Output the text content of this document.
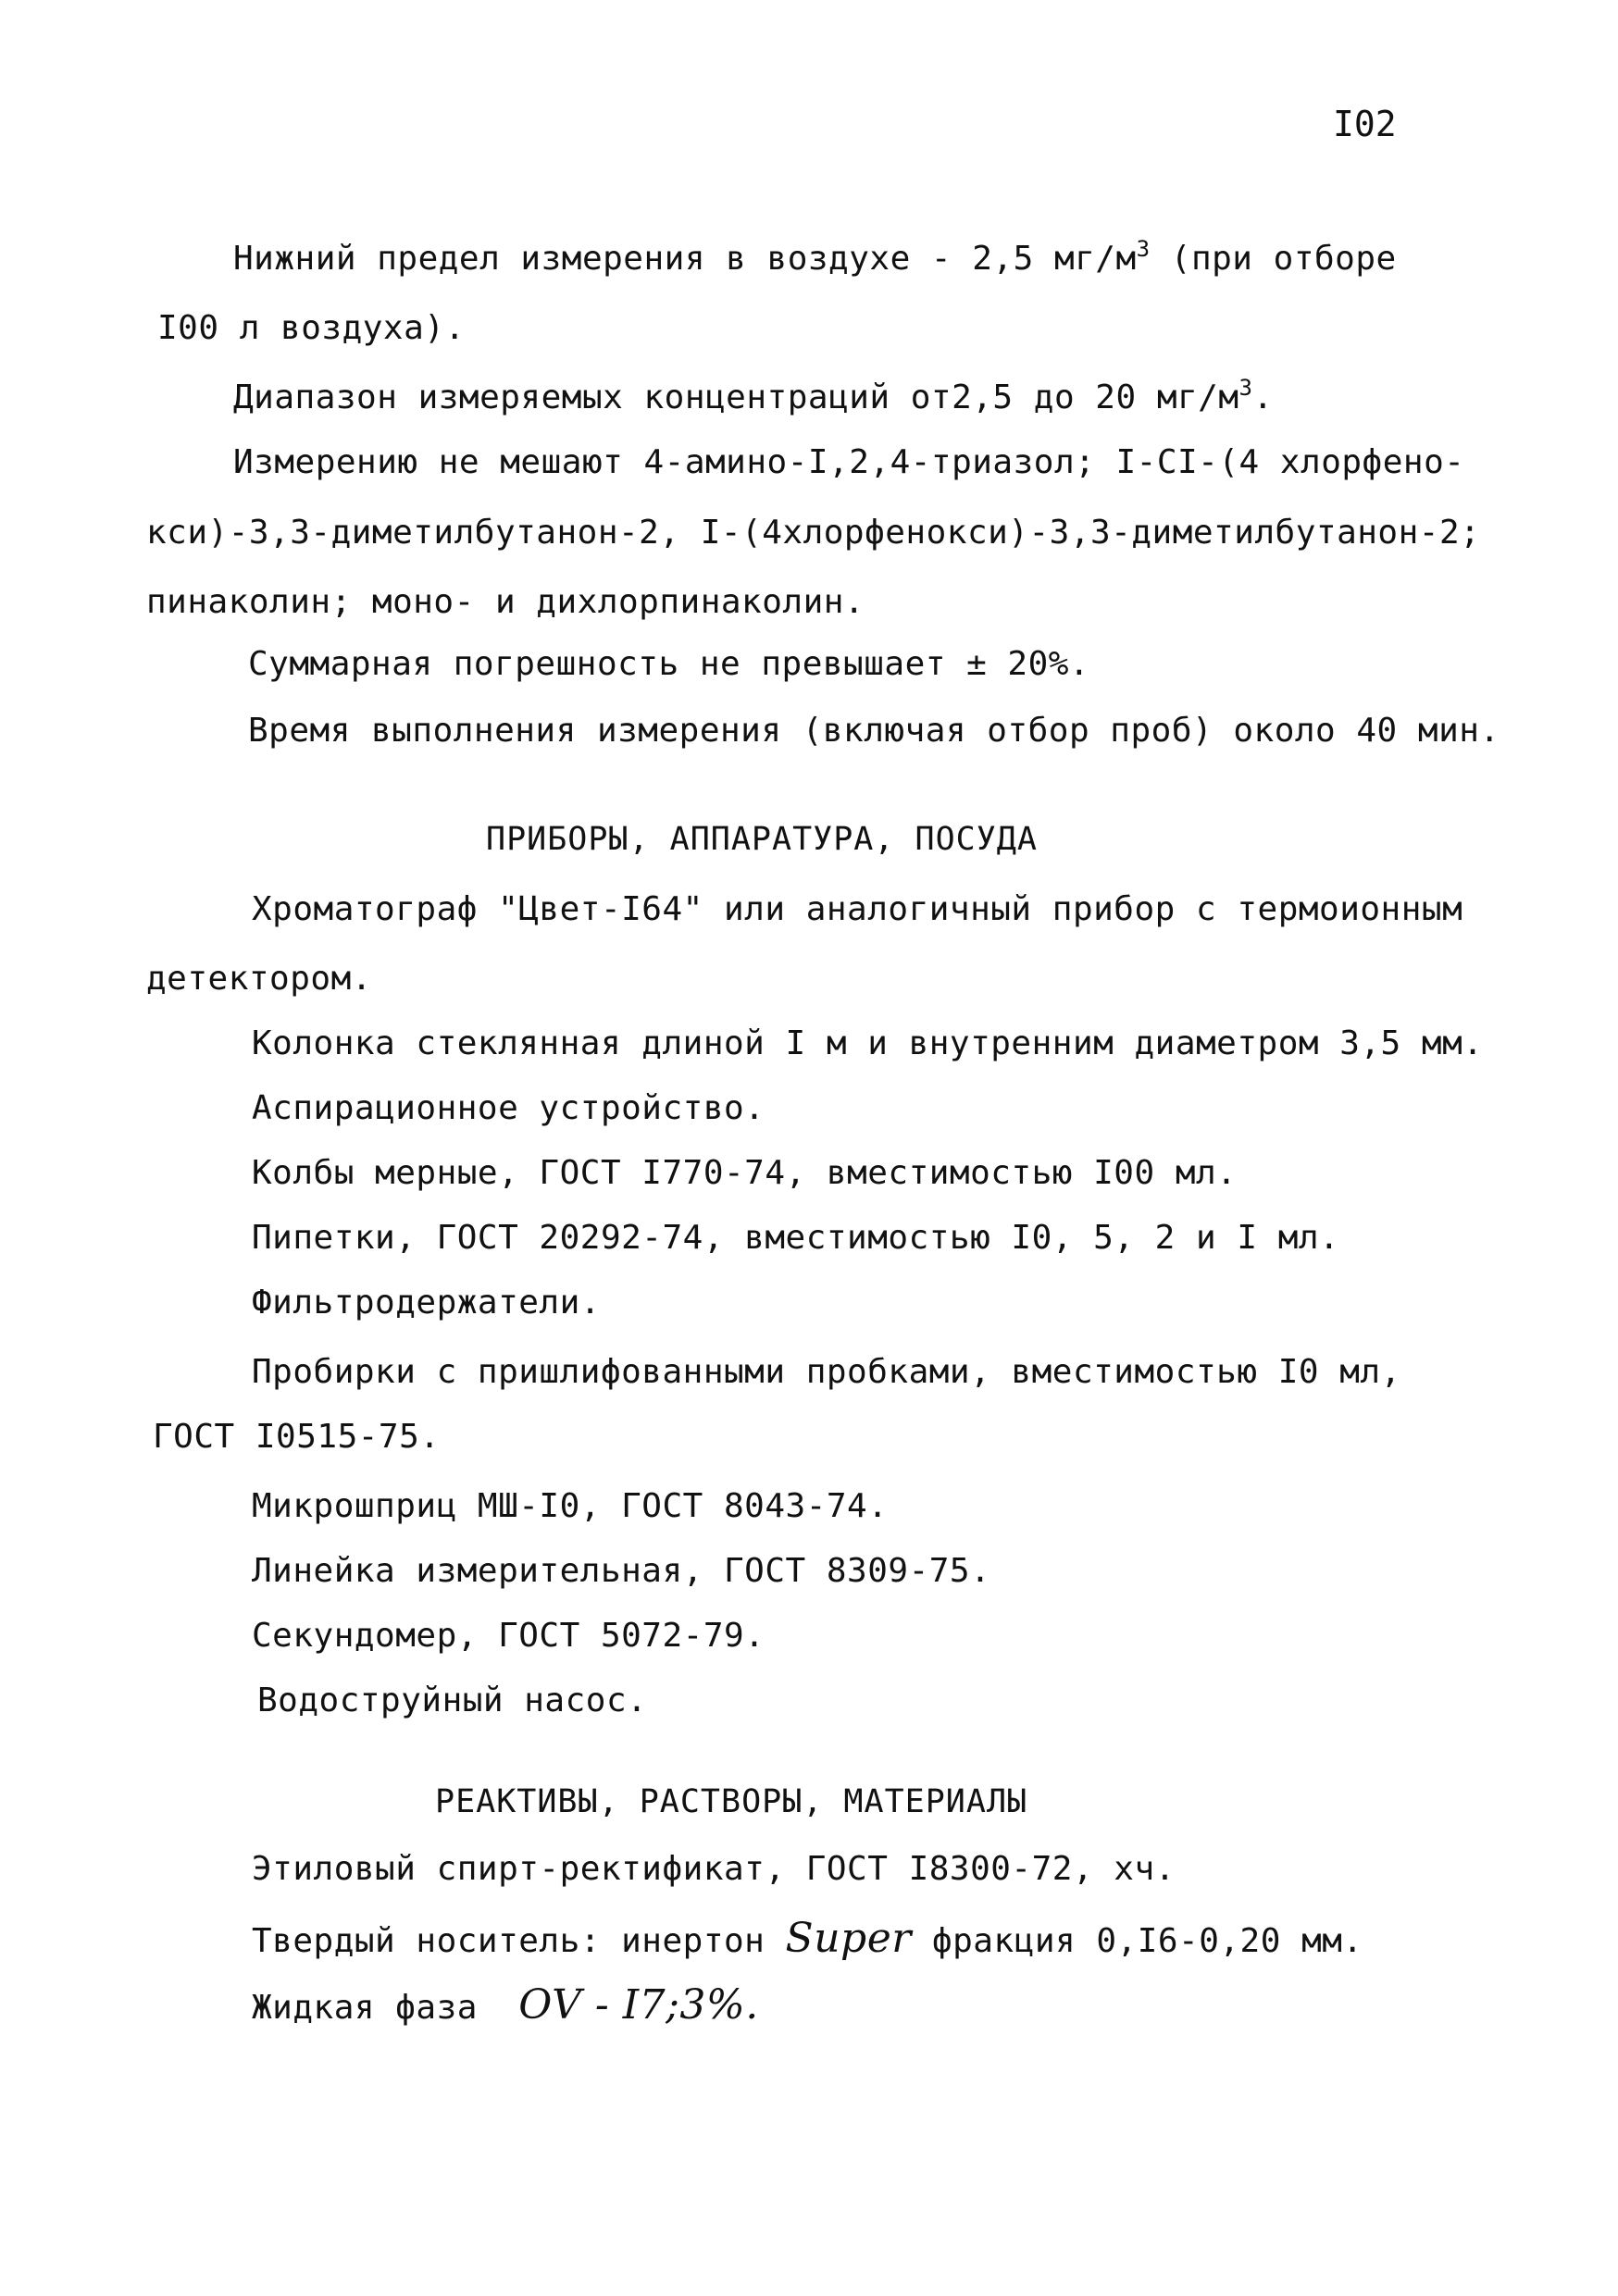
I02
Нижний предел измерения в воздухе - 2,5 $мг/м^3$ (при отборе
I00 л воздуха).
Диапазон измеряемых концентраций от2,5 до 20 $мг/м^3$.
Измерению не мешают 4-амино-I,2,4-триазол; I-CI-(4 хлорфено-
кси)-3,3-диметилбутанон-2, I-(4хлорфенокси)-3,3-диметилбутанон-2;
пинаколин; моно- и дихлорпинаколин.
Суммарная погрешность не превышает ± 20%.
Время выполнения измерения (включая отбор проб) около 40 мин.
ПРИБОРЫ, АППАРАТУРА, ПОСУДА
Хроматограф "Цвет-I64" или аналогичный прибор с термоионным
детектором.
Колонка стеклянная длиной I м и внутренним диаметром 3,5 мм.
Аспирационное устройство.
Колбы мерные, ГОСТ I770-74, вместимостью I00 мл.
Пипетки, ГОСТ 20292-74, вместимостью I0, 5, 2 и I мл.
Фильтродержатели.
Пробирки с пришлифованными пробками, вместимостью I0 мл,
ГОСТ I0515-75.
Микрошприц МШ-I0, ГОСТ 8043-74.
Линейка измерительная, ГОСТ 8309-75.
Секундомер, ГОСТ 5072-79.
Водоструйный насос.
РЕАКТИВЫ, РАСТВОРЫ, МАТЕРИАЛЫ
Этиловый спирт-ректификат, ГОСТ I8300-72, хч.
Твердый носитель: инертон Super фракция 0,I6-0,20 мм.
Жидкая фаза OV - I7;3%.
